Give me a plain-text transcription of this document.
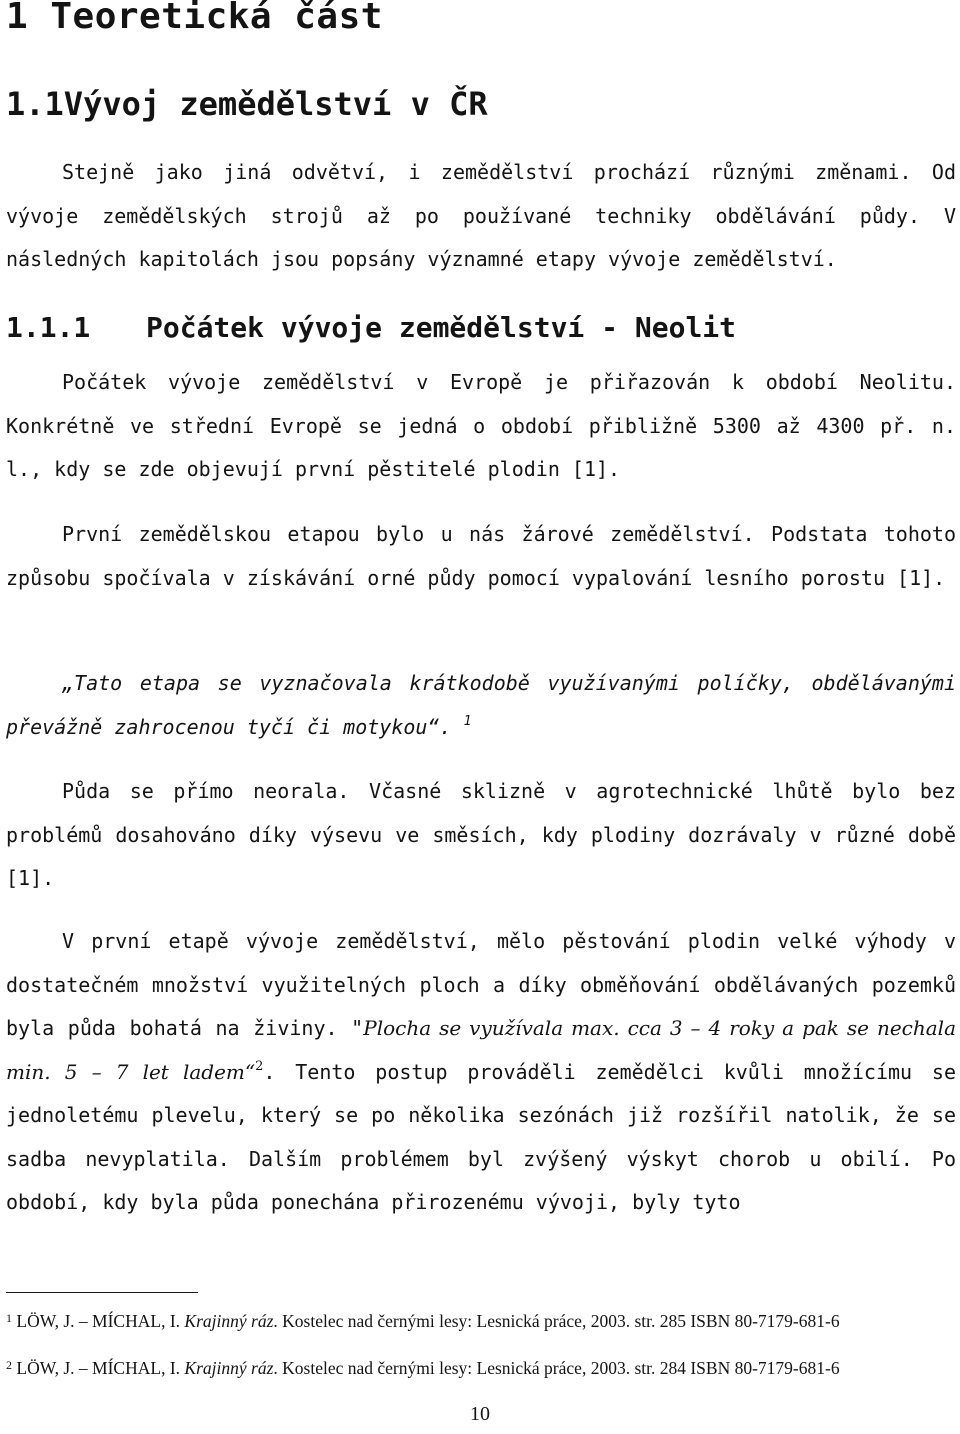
1 Teoretická část
1.1Vývoj zemědělství v ČR

Stejně jako jiná odvětví, i zemědělství prochází různými změnami. Od vývoje zemědělských strojů až po používané techniky obdělávání půdy. V následných kapitolách jsou popsány významné etapy vývoje zemědělství.

1.1.1 Počátek vývoje zemědělství - Neolit

Počátek vývoje zemědělství v Evropě je přiřazován k období Neolitu. Konkrétně ve střední Evropě se jedná o období přibližně 5300 až 4300 př. n. l., kdy se zde objevují první pěstitelé plodin [1].

První zemědělskou etapou bylo u nás žárové zemědělství. Podstata tohoto způsobu spočívala v získávání orné půdy pomocí vypalování lesního porostu [1].

„Tato etapa se vyznačovala krátkodobě využívanými políčky, obdělávanými převážně zahrocenou tyčí či motykou“. $^1$

Půda se přímo neorala. Včasné sklizně v agrotechnické lhůtě bylo bez problémů dosahováno díky výsevu ve směsích, kdy plodiny dozrávaly v různé době [1].

V první etapě vývoje zemědělství, mělo pěstování plodin velké výhody v dostatečném množství využitelných ploch a díky obměňování obdělávaných pozemků byla půda bohatá na živiny. "Plocha se využívala max. cca 3 – 4 roky a pak se nechala min. 5 – 7 let ladem“$^2$. Tento postup prováděli zemědělci kvůli množícímu se jednoletému plevelu, který se po několika sezónách již rozšířil natolik, že se sadba nevyplatila. Dalším problémem byl zvýšený výskyt chorob u obilí. Po období, kdy byla půda ponechána přirozenému vývoji, byly tyto

$^1$ LÖW, J. – MÍCHAL, I. Krajinný ráz. Kostelec nad černými lesy: Lesnická práce, 2003. str. 285 ISBN 80-7179-681-6

$^2$ LÖW, J. – MÍCHAL, I. Krajinný ráz. Kostelec nad černými lesy: Lesnická práce, 2003. str. 284 ISBN 80-7179-681-6

10
